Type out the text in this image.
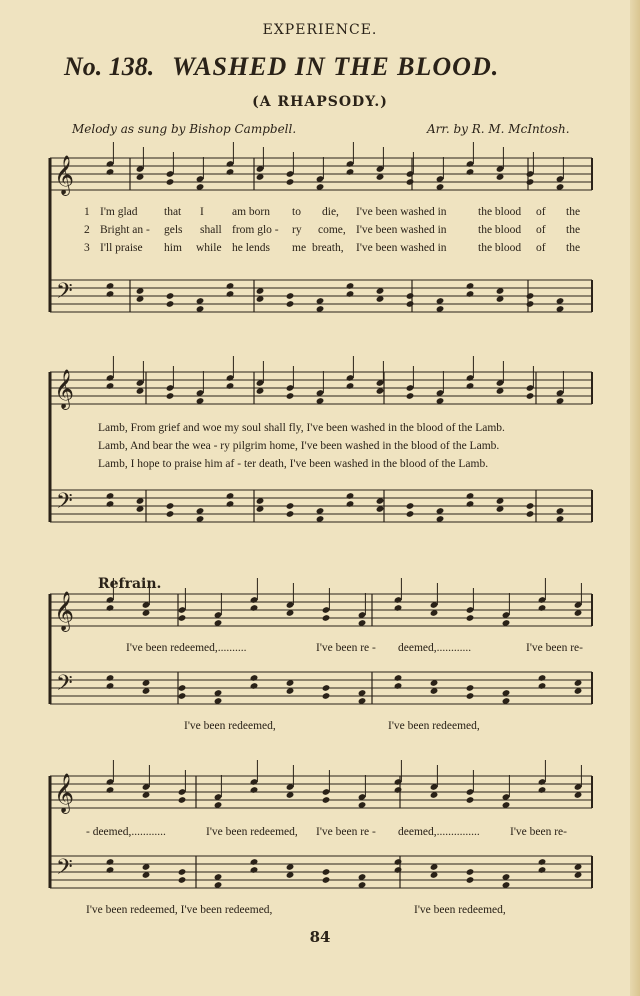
EXPERIENCE.
No. 138. WASHED IN THE BLOOD.
(A RHAPSODY.)
Melody as sung by Bishop Campbell.	Arr. by R. M. McIntosh.
𝄞
𝄢
𝄞
𝄢
𝄞
𝄢
𝄞
𝄢
1 I'm glad that I am born to die, I've been washed in	the blood of the
2 Bright an - gels shall from glo - ry come, I've been washed in	the blood of the
3 I'll praise him while he lends me breath, I've been washed in	the blood of the
Lamb, From grief and woe my soul shall fly, I've been washed in the blood of the Lamb.
Lamb, And bear the wea - ry pilgrim home, I've been washed in the blood of the Lamb.
Lamb, I hope to praise him af - ter death, I've been washed in the blood of the Lamb.
Refrain.
I've been redeemed,..........	I've been re - deemed,............	I've been re-
I've been redeemed,	I've been redeemed,
- deemed,............	I've been redeemed, I've been re - deemed,...............	I've been re-
I've been redeemed, I've been redeemed,	I've been redeemed,
84
